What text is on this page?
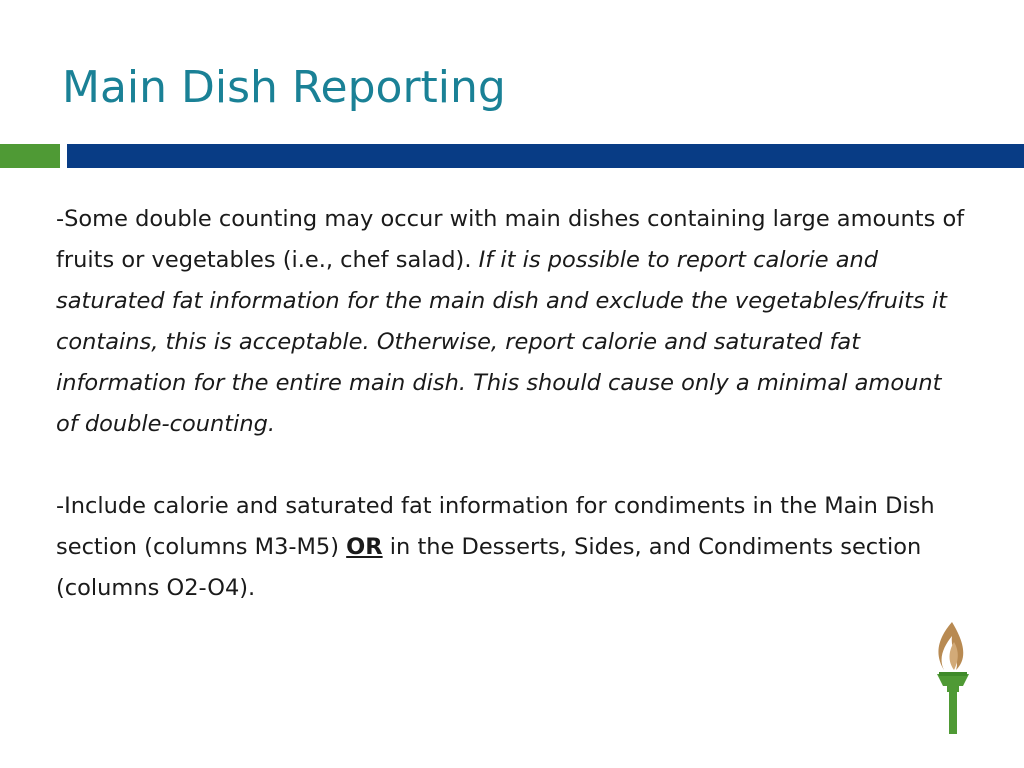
Main Dish Reporting

-Some double counting may occur with main dishes containing large amounts of fruits or vegetables (i.e., chef salad). If it is possible to report calorie and saturated fat information for the main dish and exclude the vegetables/fruits it contains, this is acceptable. Otherwise, report calorie and saturated fat information for the entire main dish. This should cause only a minimal amount of double-counting.

-Include calorie and saturated fat information for condiments in the Main Dish section (columns M3-M5) OR in the Desserts, Sides, and Condiments section (columns O2-O4).
